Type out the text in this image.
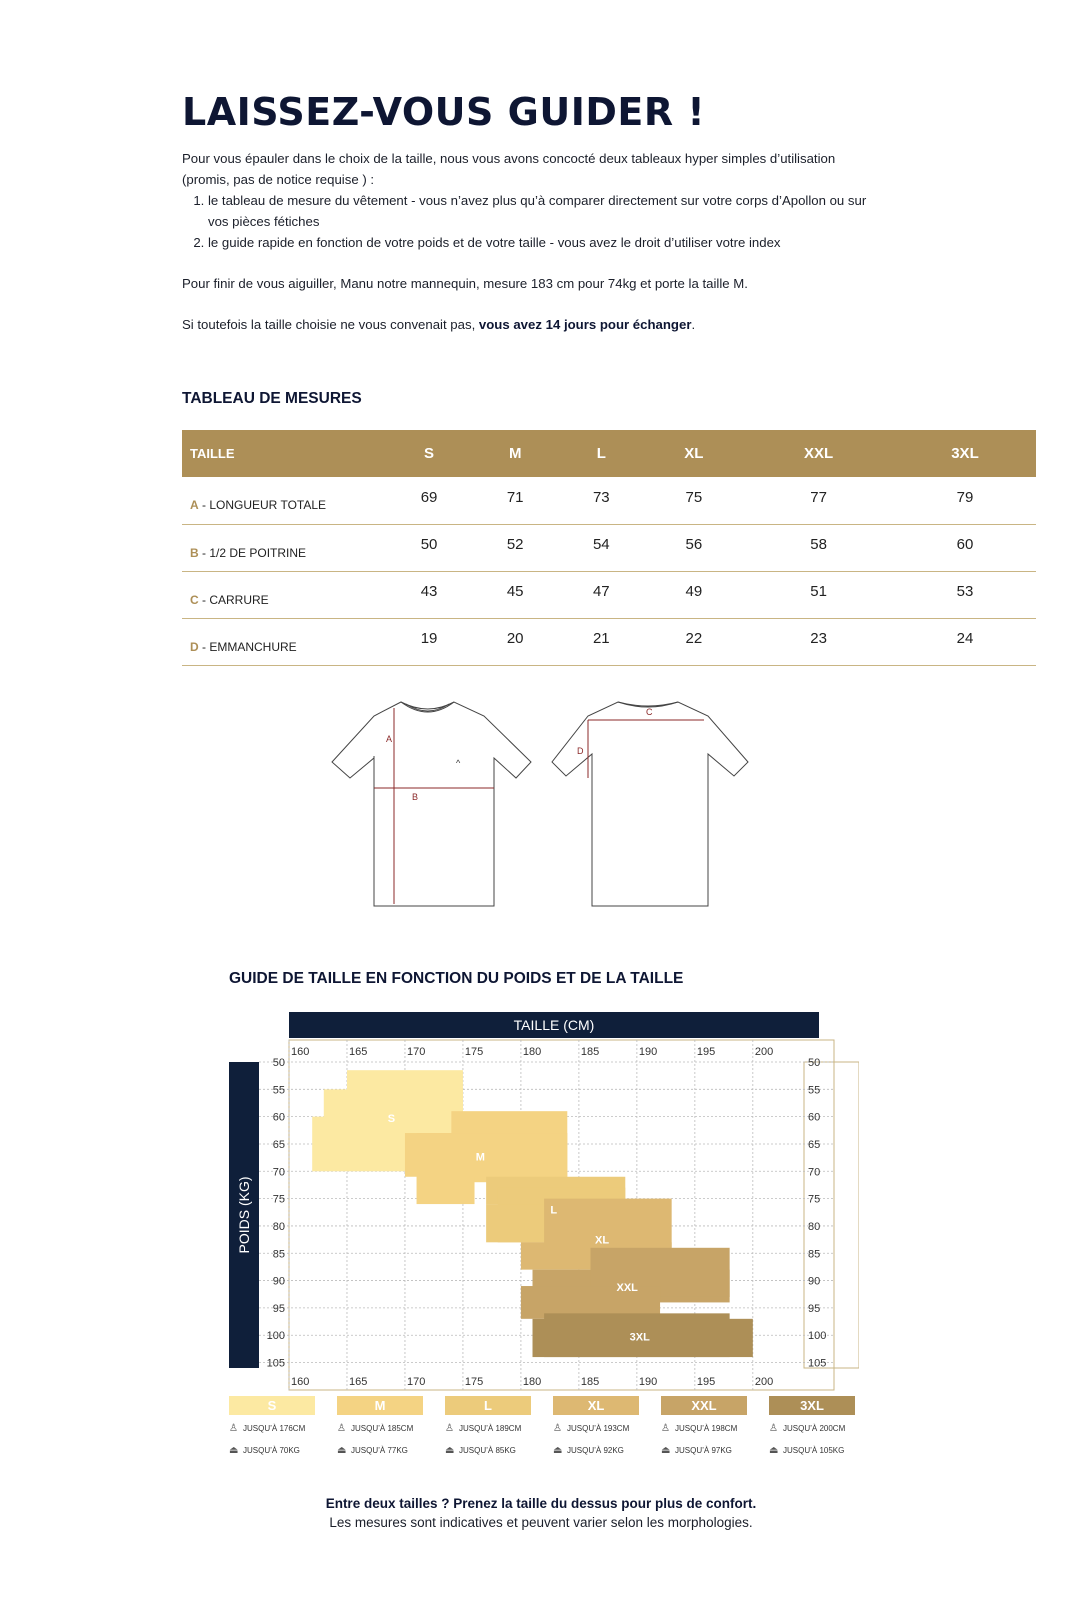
LAISSEZ-VOUS GUIDER !

Pour vous épauler dans le choix de la taille, nous vous avons concocté deux tableaux hyper simples d’utilisation (promis, pas de notice requise ) :

1. le tableau de mesure du vêtement - vous n’avez plus qu’à comparer directement sur votre corps d’Apollon ou sur vos pièces fétiches
2. le guide rapide en fonction de votre poids et de votre taille - vous avez le droit d’utiliser votre index

Pour finir de vous aiguiller, Manu notre mannequin, mesure 183 cm pour 74kg et porte la taille M.

Si toutefois la taille choisie ne vous convenait pas, vous avez 14 jours pour échanger.

TABLEAU DE MESURES
TAILLE	S	M	L	XL	XXL	3XL
A - LONGUEUR TOTALE	69	71	73	75	77	79
B - 1/2 DE POITRINE	50	52	54	56	58	60
C - CARRURE	43	45	47	49	51	53
D - EMMANCHURE	19	20	21	22	23	24
A
B
^
C
D
GUIDE DE TAILLE EN FONCTION DU POIDS ET DE LA TAILLE
TAILLE (CM)
POIDS (KG)
160
160
165
165
170
170
175
175
180
180
185
185
190
190
195
195
200
200
50	50
55	55
60	60
65	65
70	70
75	75
80	80
85	85
90	90
95	95
100	100
105	105
S
M
L
XL
XXL
3XL
S
♙ JUSQU’À 176CM
⏏ JUSQU’À 70KG
M
♙ JUSQU’À 185CM
⏏ JUSQU’À 77KG
L
♙ JUSQU’À 189CM
⏏ JUSQU’À 85KG
XL
♙ JUSQU’À 193CM
⏏ JUSQU’À 92KG
XXL
♙ JUSQU’À 198CM
⏏ JUSQU’À 97KG
3XL
♙ JUSQU’À 200CM
⏏ JUSQU’À 105KG
Entre deux tailles ? Prenez la taille du dessus pour plus de confort.
Les mesures sont indicatives et peuvent varier selon les morphologies.
